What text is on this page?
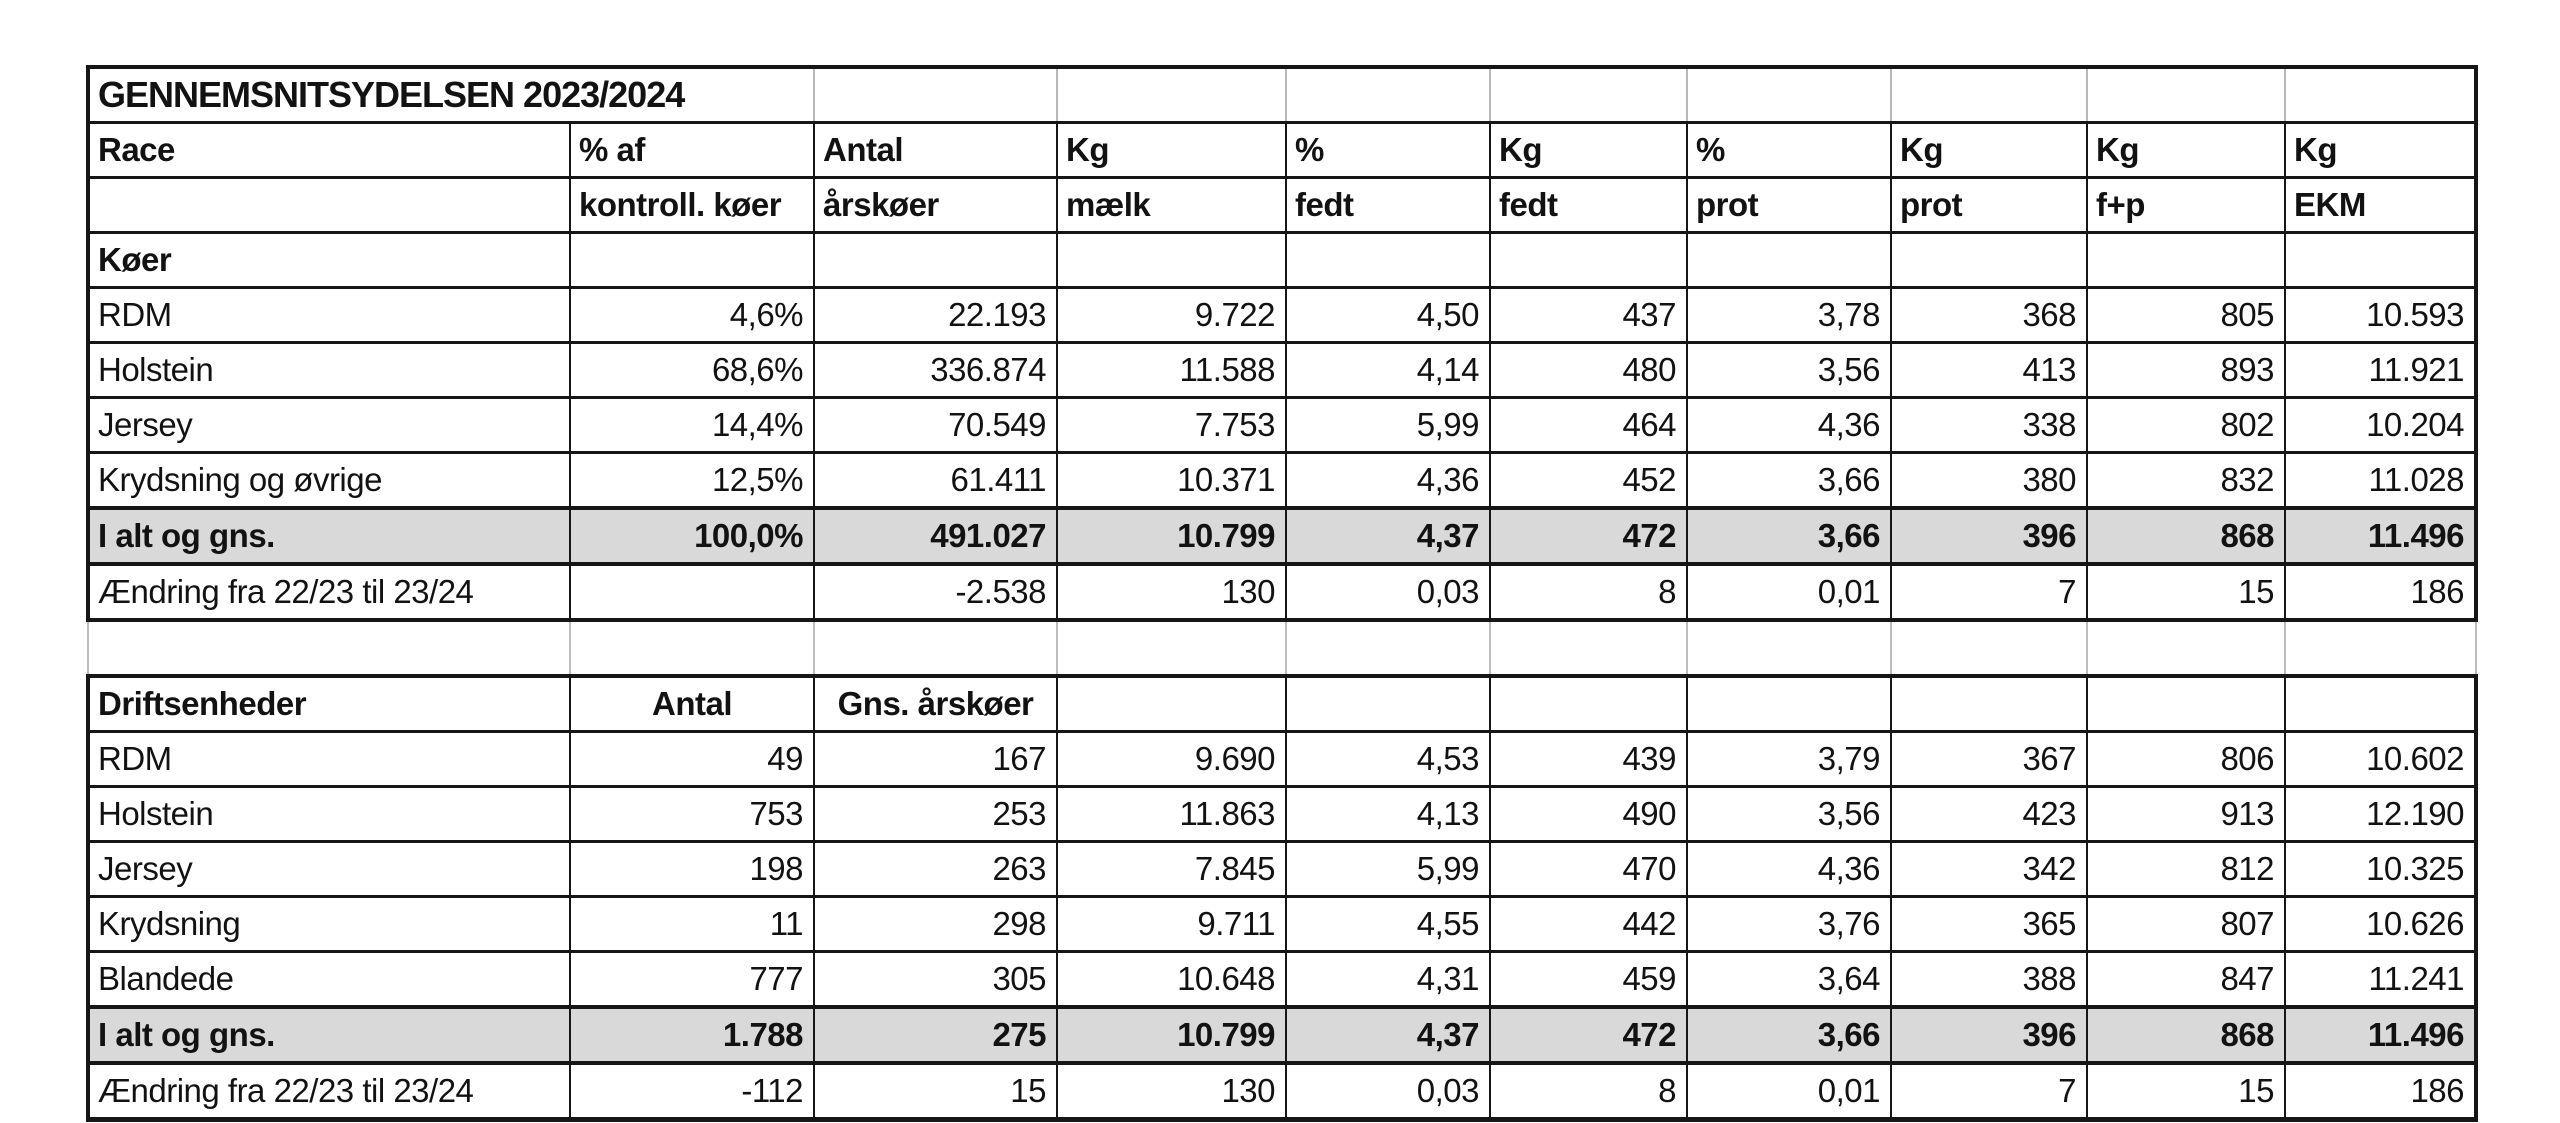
GENNEMSNITSYDELSEN 2023/2024									
Race	% af	Antal	Kg	%	Kg	%	Kg	Kg	Kg
	kontroll. køer	årskøer	mælk	fedt	fedt	prot	prot	f+p	EKM
Køer									
RDM	4,6%	22.193	9.722	4,50	437	3,78	368	805	10.593
Holstein	68,6%	336.874	11.588	4,14	480	3,56	413	893	11.921
Jersey	14,4%	70.549	7.753	5,99	464	4,36	338	802	10.204
Krydsning og øvrige	12,5%	61.411	10.371	4,36	452	3,66	380	832	11.028
I alt og gns.	100,0%	491.027	10.799	4,37	472	3,66	396	868	11.496
Ændring fra 22/23 til 23/24		-2.538	130	0,03	8	0,01	7	15	186

Driftsenheder	Antal	Gns. årskøer							
RDM	49	167	9.690	4,53	439	3,79	367	806	10.602
Holstein	753	253	11.863	4,13	490	3,56	423	913	12.190
Jersey	198	263	7.845	5,99	470	4,36	342	812	10.325
Krydsning	11	298	9.711	4,55	442	3,76	365	807	10.626
Blandede	777	305	10.648	4,31	459	3,64	388	847	11.241
I alt og gns.	1.788	275	10.799	4,37	472	3,66	396	868	11.496
Ændring fra 22/23 til 23/24	-112	15	130	0,03	8	0,01	7	15	186
